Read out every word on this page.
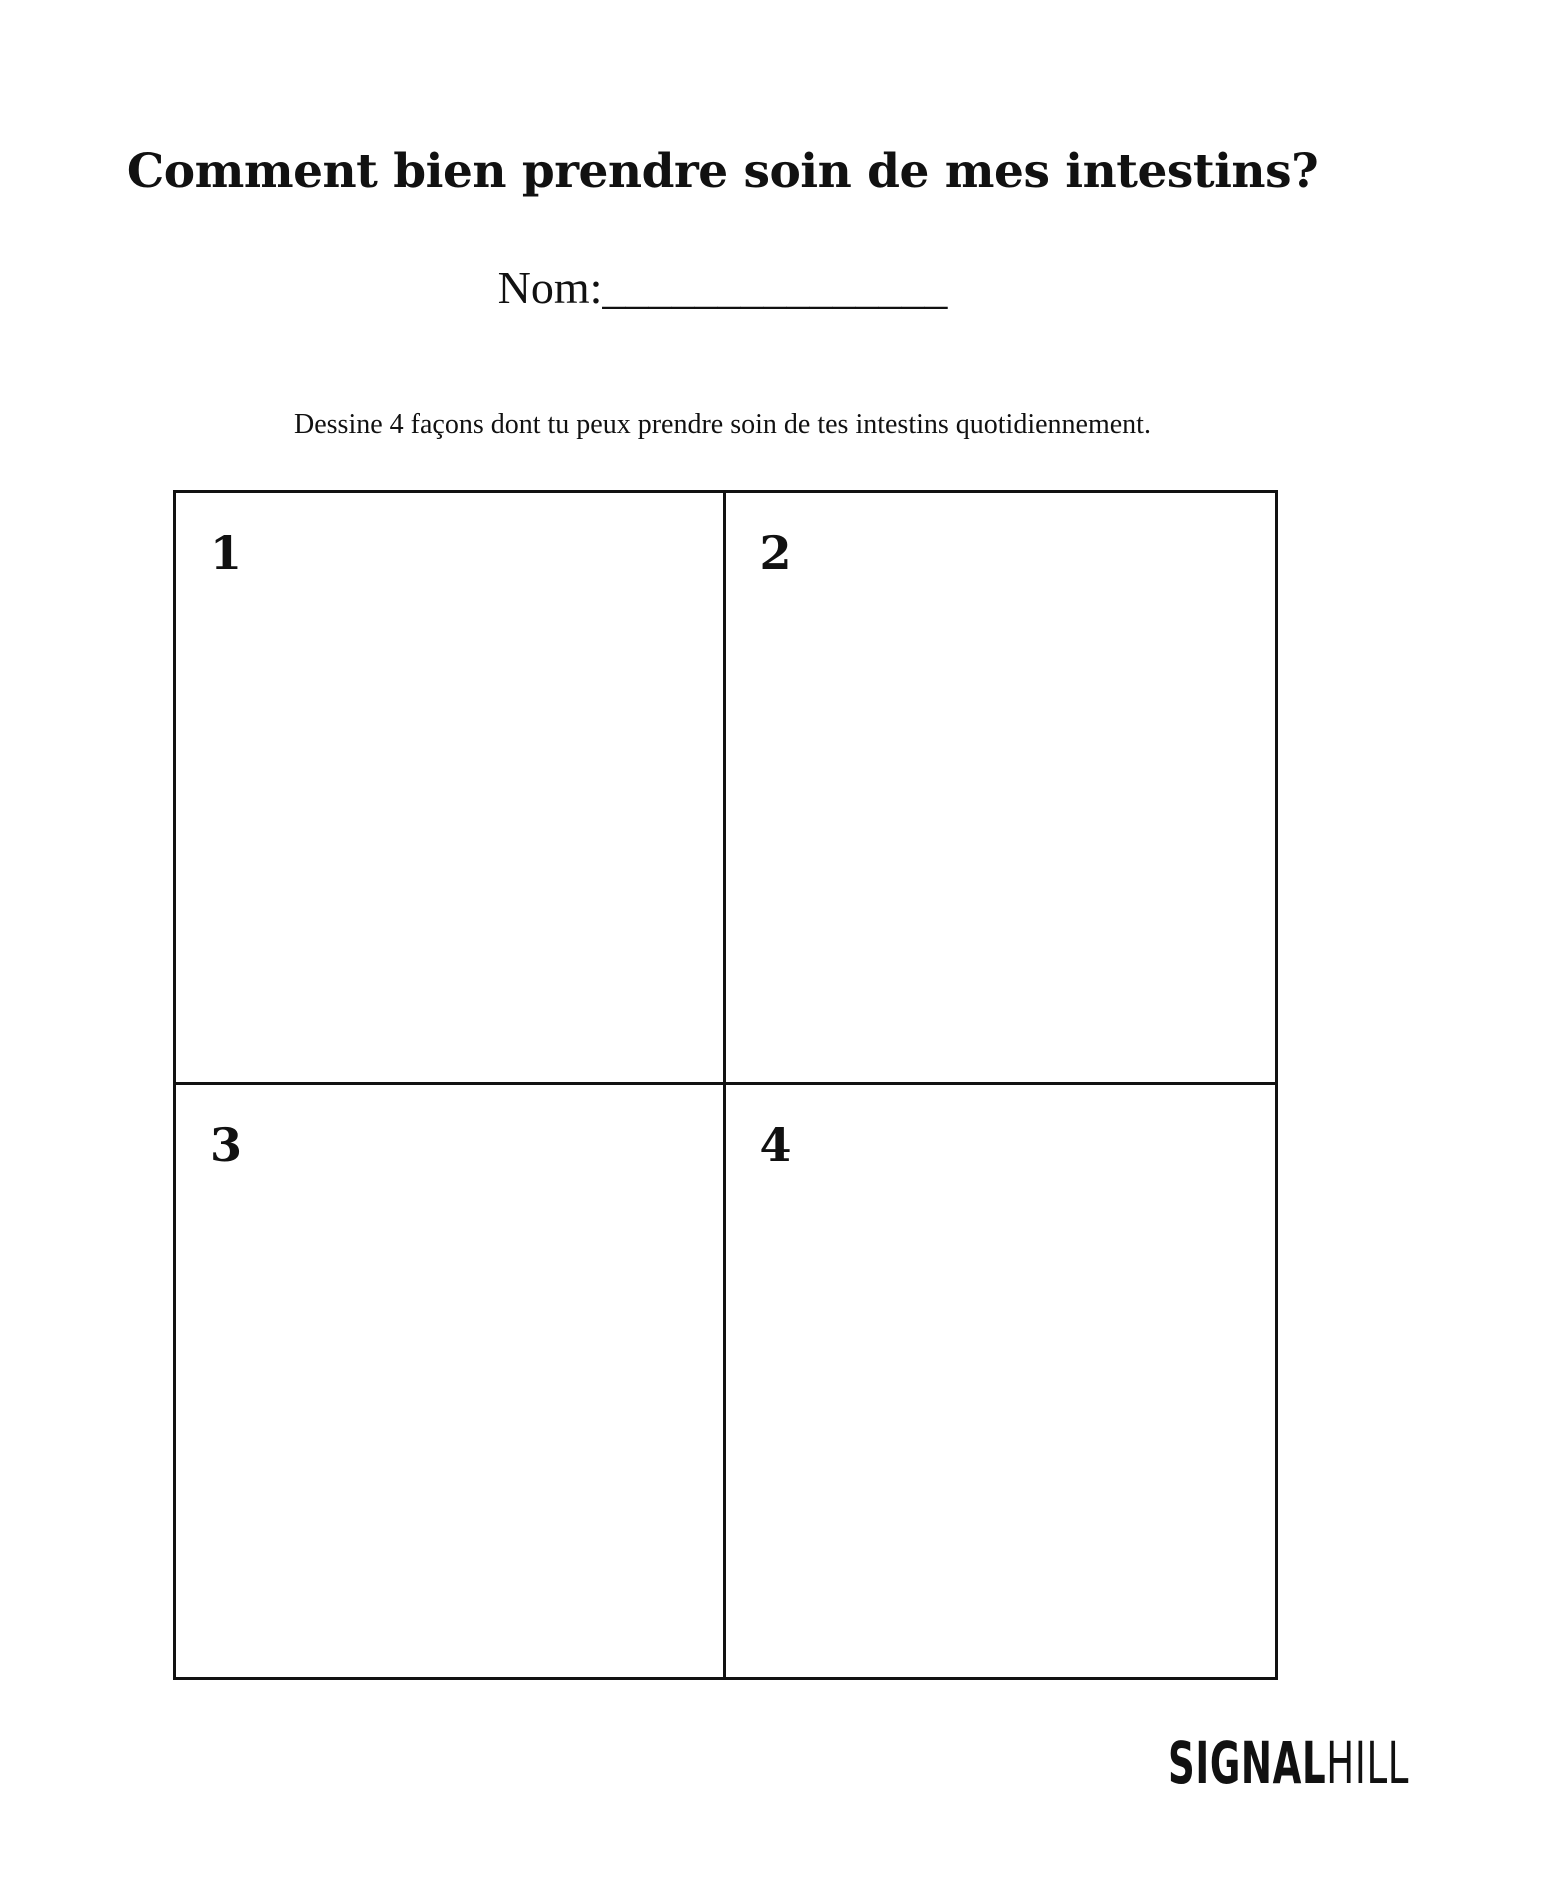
Comment bien prendre soin de mes intestins?
Nom:_______________
Dessine 4 façons dont tu peux prendre soin de tes intestins quotidiennement.
1	2
3	4
SIGNALHILL
